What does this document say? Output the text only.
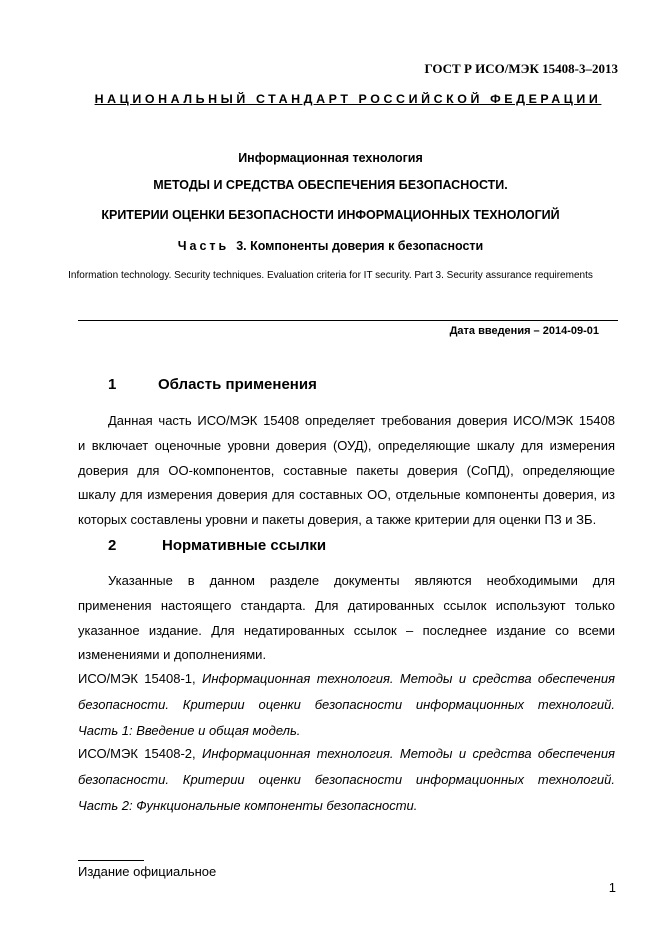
ГОСТ Р ИСО/МЭК 15408-3–2013
НАЦИОНАЛЬНЫЙ СТАНДАРТ РОССИЙСКОЙ ФЕДЕРАЦИИ
Информационная технология
МЕТОДЫ И СРЕДСТВА ОБЕСПЕЧЕНИЯ БЕЗОПАСНОСТИ.
КРИТЕРИИ ОЦЕНКИ БЕЗОПАСНОСТИ ИНФОРМАЦИОННЫХ ТЕХНОЛОГИЙ
Часть 3. Компоненты доверия к безопасности
Information technology. Security techniques. Evaluation criteria for IT security. Part 3. Security assurance requirements
Дата введения – 2014-09-01
1	Область применения
Данная часть ИСО/МЭК 15408 определяет требования доверия ИСО/МЭК 15408
и включает оценочные уровни доверия (ОУД), определяющие шкалу для измерения
доверия для ОО-компонентов, составные пакеты доверия (СоПД), определяющие
шкалу для измерения доверия для составных ОО, отдельные компоненты доверия, из
которых составлены уровни и пакеты доверия, а также критерии для оценки ПЗ и ЗБ.
2	Нормативные ссылки
Указанные в данном разделе документы являются необходимыми для
применения настоящего стандарта. Для датированных ссылок используют только
указанное издание. Для недатированных ссылок – последнее издание со всеми
изменениями и дополнениями.
ИСО/МЭК 15408-1, Информационная технология. Методы и средства обеспечения
безопасности. Критерии оценки безопасности информационных технологий.
Часть 1: Введение и общая модель.
ИСО/МЭК 15408-2, Информационная технология. Методы и средства обеспечения
безопасности. Критерии оценки безопасности информационных технологий.
Часть 2: Функциональные компоненты безопасности.
Издание официальное
1
